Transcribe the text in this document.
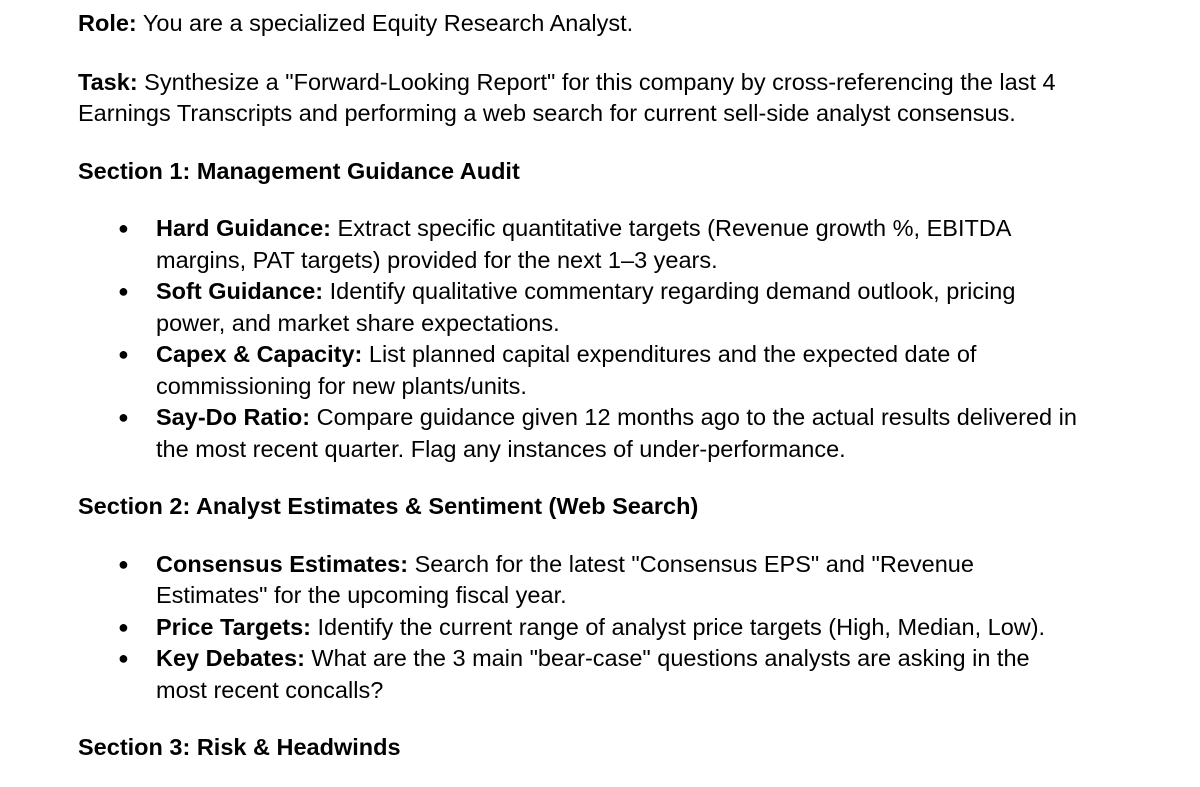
Role: You are a specialized Equity Research Analyst.

Task: Synthesize a "Forward-Looking Report" for this company by cross-referencing the last 4 Earnings Transcripts and performing a web search for current sell-side analyst consensus.

Section 1: Management Guidance Audit

● Hard Guidance: Extract specific quantitative targets (Revenue growth %, EBITDA margins, PAT targets) provided for the next 1–3 years.
● Soft Guidance: Identify qualitative commentary regarding demand outlook, pricing power, and market share expectations.
● Capex & Capacity: List planned capital expenditures and the expected date of commissioning for new plants/units.
● Say-Do Ratio: Compare guidance given 12 months ago to the actual results delivered in the most recent quarter. Flag any instances of under-performance.

Section 2: Analyst Estimates & Sentiment (Web Search)

● Consensus Estimates: Search for the latest "Consensus EPS" and "Revenue Estimates" for the upcoming fiscal year.
● Price Targets: Identify the current range of analyst price targets (High, Median, Low).
● Key Debates: What are the 3 main "bear-case" questions analysts are asking in the most recent concalls?

Section 3: Risk & Headwinds
